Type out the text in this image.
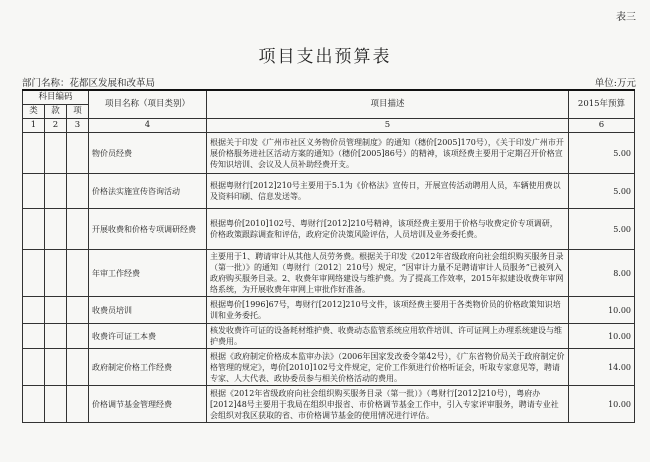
表三
项目支出预算表
部门名称：花都区发展和改革局	单位:万元
科目编码			项目名称（项目类别）	项目描述	2015年预算
类	款	项			
1	2	3	4	5	6
			物价员经费	根据关于印发《广州市社区义务物价员管理制度》的通知（穗价[2005]170号），《关于印发广州市开展价格服务进社区活动方案的通知》（穗价[2005]86号）的精神，该项经费主要用于定期召开价格宣传知识培训、会议及人员补助经费开支。	5.00
			价格法实施宣传咨询活动	根据粤财行[2012]210号主要用于5.1为《价格法》宣传日，开展宣传活动聘用人员，车辆使用费以及资料印刷、信息发送等。	5.00
			开展收费和价格专项调研经费	根据粤价[2010]102号、粤财行[2012]210号精神，该项经费主要用于价格与收费定价专项调研，价格政策跟踪调查和评估，政府定价决策风险评估，人员培训及业务委托费。	5.00
			年审工作经费	主要用于1、聘请审计从其他人员劳务费。根据关于印发《2012年省级政府向社会组织购买服务目录（第一批）》的通知（粤财行〔2012〕210号）规定，“因审计力量不足聘请审计人员服务”已被列入政府购买服务目录。2、收费年审网络建设与维护费。为了提高工作效率，2015年拟建设收费年审网络系统，为开展收费年审网上审批作好准备。	8.00
			收费员培训	根据粤价[1996]67号，粤财行[2012]210号文件，该项经费主要用于各类物价员的价格政策知识培训和业务委托。	10.00
			收费许可证工本费	核发收费许可证的设备耗材维护费、收费动态监管系统应用软件培训、许可证网上办理系统建设与维护费用。	10.00
			政府制定价格工作经费	根据《政府制定价格成本监审办法》（2006年国家发改委令第42号），《广东省物价局关于政府制定价格管理的规定》，粤价[2010]102号文件规定，定价工作须进行价格听证会，听取专家意见等，聘请专家、人大代表、政协委员参与相关价格活动的费用。	14.00
			价格调节基金管理经费	根据《2012年省级政府向社会组织购买服务目录（第一批）》（粤财行[2012]210号），粤府办[2012]48号主要用于我局在组织申报省、市价格调节基金工作中，引入专家评审服务，聘请专业社会组织对我区获取的省、市价格调节基金的使用情况进行评估。	10.00
